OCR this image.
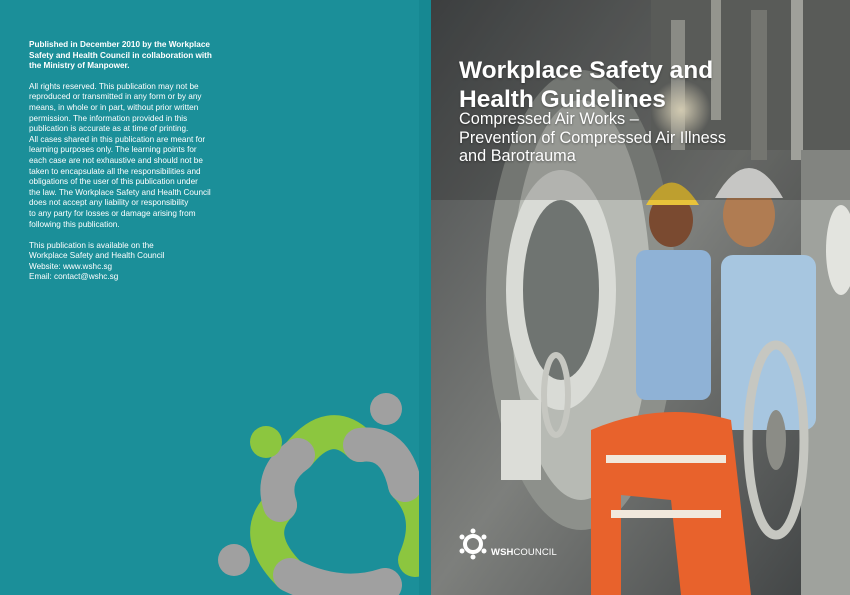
Published in December 2010 by the Workplace
Safety and Health Council in collaboration with
the Ministry of Manpower.

All rights reserved. This publication may not be
reproduced or transmitted in any form or by any
means, in whole or in part, without prior written
permission. The information provided in this
publication is accurate as at time of printing.
All cases shared in this publication are meant for
learning purposes only. The learning points for
each case are not exhaustive and should not be
taken to encapsulate all the responsibilities and
obligations of the user of this publication under
the law. The Workplace Safety and Health Council
does not accept any liability or responsibility
to any party for losses or damage arising from
following this publication.

This publication is available on the
Workplace Safety and Health Council
Website: www.wshc.sg
Email: contact@wshc.sg

Workplace Safety and
Health Guidelines
Compressed Air Works –
Prevention of Compressed Air Illness
and Barotrauma
WSHCOUNCIL
